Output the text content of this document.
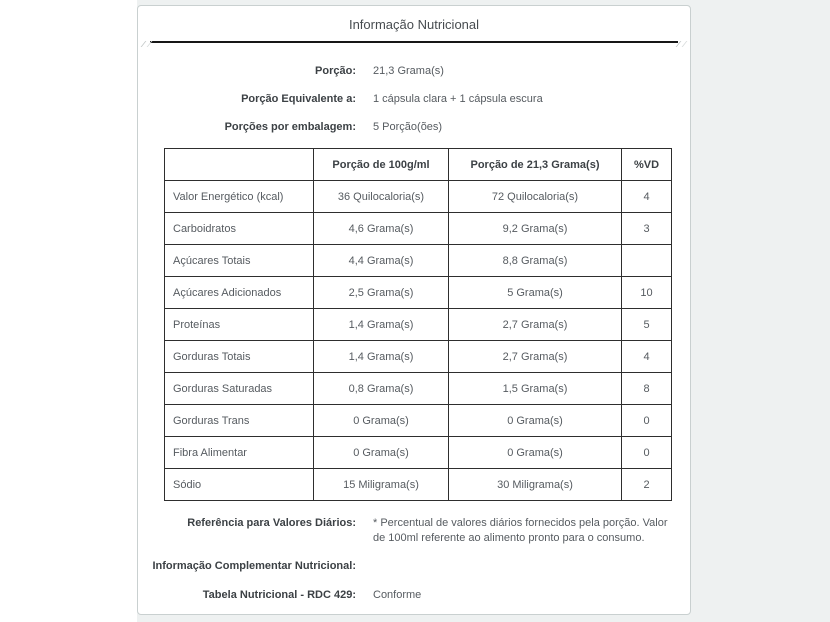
Informação Nutricional
Porção: 21,3 Grama(s)
Porção Equivalente a: 1 cápsula clara + 1 cápsula escura
Porções por embalagem: 5 Porção(ões)
	Porção de 100g/ml	Porção de 21,3 Grama(s)	%VD
Valor Energético (kcal)	36 Quilocaloria(s)	72 Quilocaloria(s)	4
Carboidratos	4,6 Grama(s)	9,2 Grama(s)	3
Açúcares Totais	4,4 Grama(s)	8,8 Grama(s)	
Açúcares Adicionados	2,5 Grama(s)	5 Grama(s)	10
Proteínas	1,4 Grama(s)	2,7 Grama(s)	5
Gorduras Totais	1,4 Grama(s)	2,7 Grama(s)	4
Gorduras Saturadas	0,8 Grama(s)	1,5 Grama(s)	8
Gorduras Trans	0 Grama(s)	0 Grama(s)	0
Fibra Alimentar	0 Grama(s)	0 Grama(s)	0
Sódio	15 Miligrama(s)	30 Miligrama(s)	2
Referência para Valores Diários: * Percentual de valores diários fornecidos pela porção. Valor de 100ml referente ao alimento pronto para o consumo.
Informação Complementar Nutricional:
Tabela Nutricional - RDC 429: Conforme
